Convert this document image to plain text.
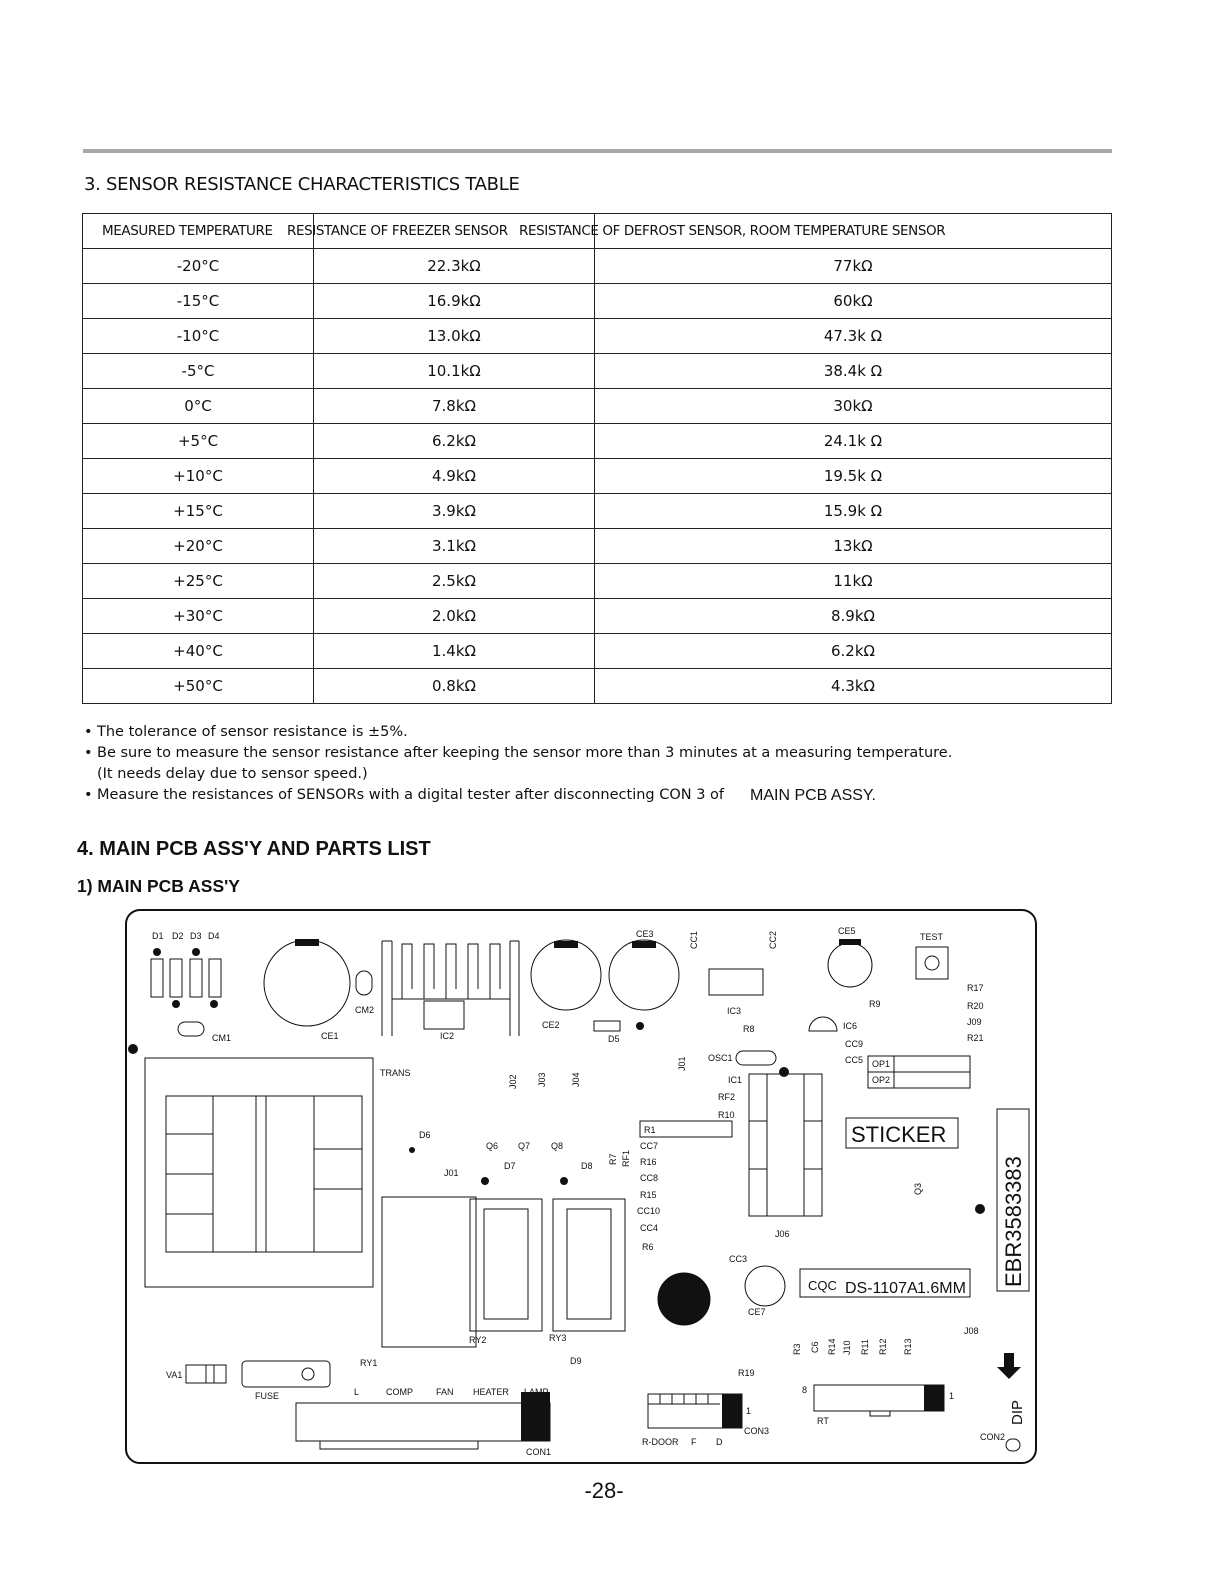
3. SENSOR RESISTANCE CHARACTERISTICS TABLE
MEASURED TEMPERATURE	RESISTANCE OF FREEZER SENSOR	RESISTANCE OF DEFROST SENSOR, ROOM TEMPERATURE SENSOR

-20°C	22.3kΩ	77kΩ
-15°C	16.9kΩ	60kΩ
-10°C	13.0kΩ	47.3k Ω
-5°C	10.1kΩ	38.4k Ω
0°C	7.8kΩ	30kΩ
+5°C	6.2kΩ	24.1k Ω
+10°C	4.9kΩ	19.5k Ω
+15°C	3.9kΩ	15.9k Ω
+20°C	3.1kΩ	13kΩ
+25°C	2.5kΩ	11kΩ
+30°C	2.0kΩ	8.9kΩ
+40°C	1.4kΩ	6.2kΩ
+50°C	0.8kΩ	4.3kΩ
• The tolerance of sensor resistance is ±5%.
• Be sure to measure the sensor resistance after keeping the sensor more than 3 minutes at a measuring temperature.
(It needs delay due to sensor speed.)
• Measure the resistances of SENSORs with a digital tester after disconnecting CON 3 of	MAIN PCB ASSY.
4. MAIN PCB ASS'Y AND PARTS LIST
1) MAIN PCB ASS'Y
D1 D2 D3 D4
CM1
CM2
CE1	IC2
CE2
CE3
D5
CC1	CC2
IC3
CE5
TEST
R9
R8	IC6
CC9
CC5
R17
R20
J09
R21
OP1
OP2
TRANS
J01
J02 J03	J04
OSC1
IC1
RF2
R10
R1
R7 RF1
CC7
R16
CC8
R15
CC10
CC4
R6
D6
Q6 Q7 Q8
J01
D7	D8
J06
CC3
CE7
Q3
RY2	RY3
RY1	D9
R19
R3 C6 R14 J10 R11 R12 R13
J08
VA1
FUSE	L	COMP	FAN HEATER LAMP
CON1
1
CON3
R-DOOR F D
RT
8
1
CON2
STICKER
EBR3583383
CQC DS-1107A 1.6MM
DIP
-28-
